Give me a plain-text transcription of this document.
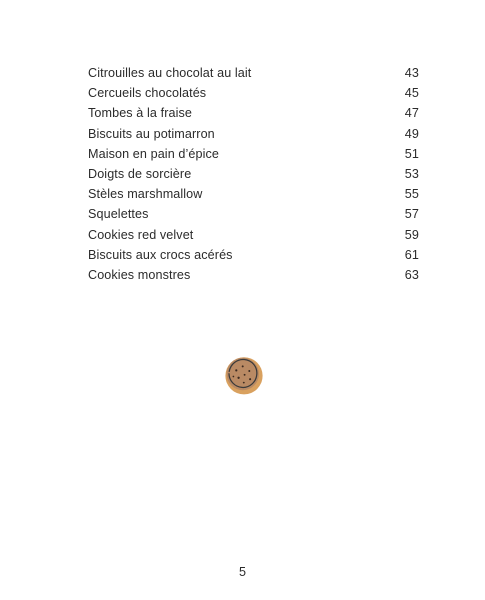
Citrouilles au chocolat au lait	43
Cercueils chocolatés	45
Tombes à la fraise	47
Biscuits au potimarron	49
Maison en pain d’épice	51
Doigts de sorcière	53
Stèles marshmallow	55
Squelettes	57
Cookies red velvet	59
Biscuits aux crocs acérés	61
Cookies monstres	63
5
